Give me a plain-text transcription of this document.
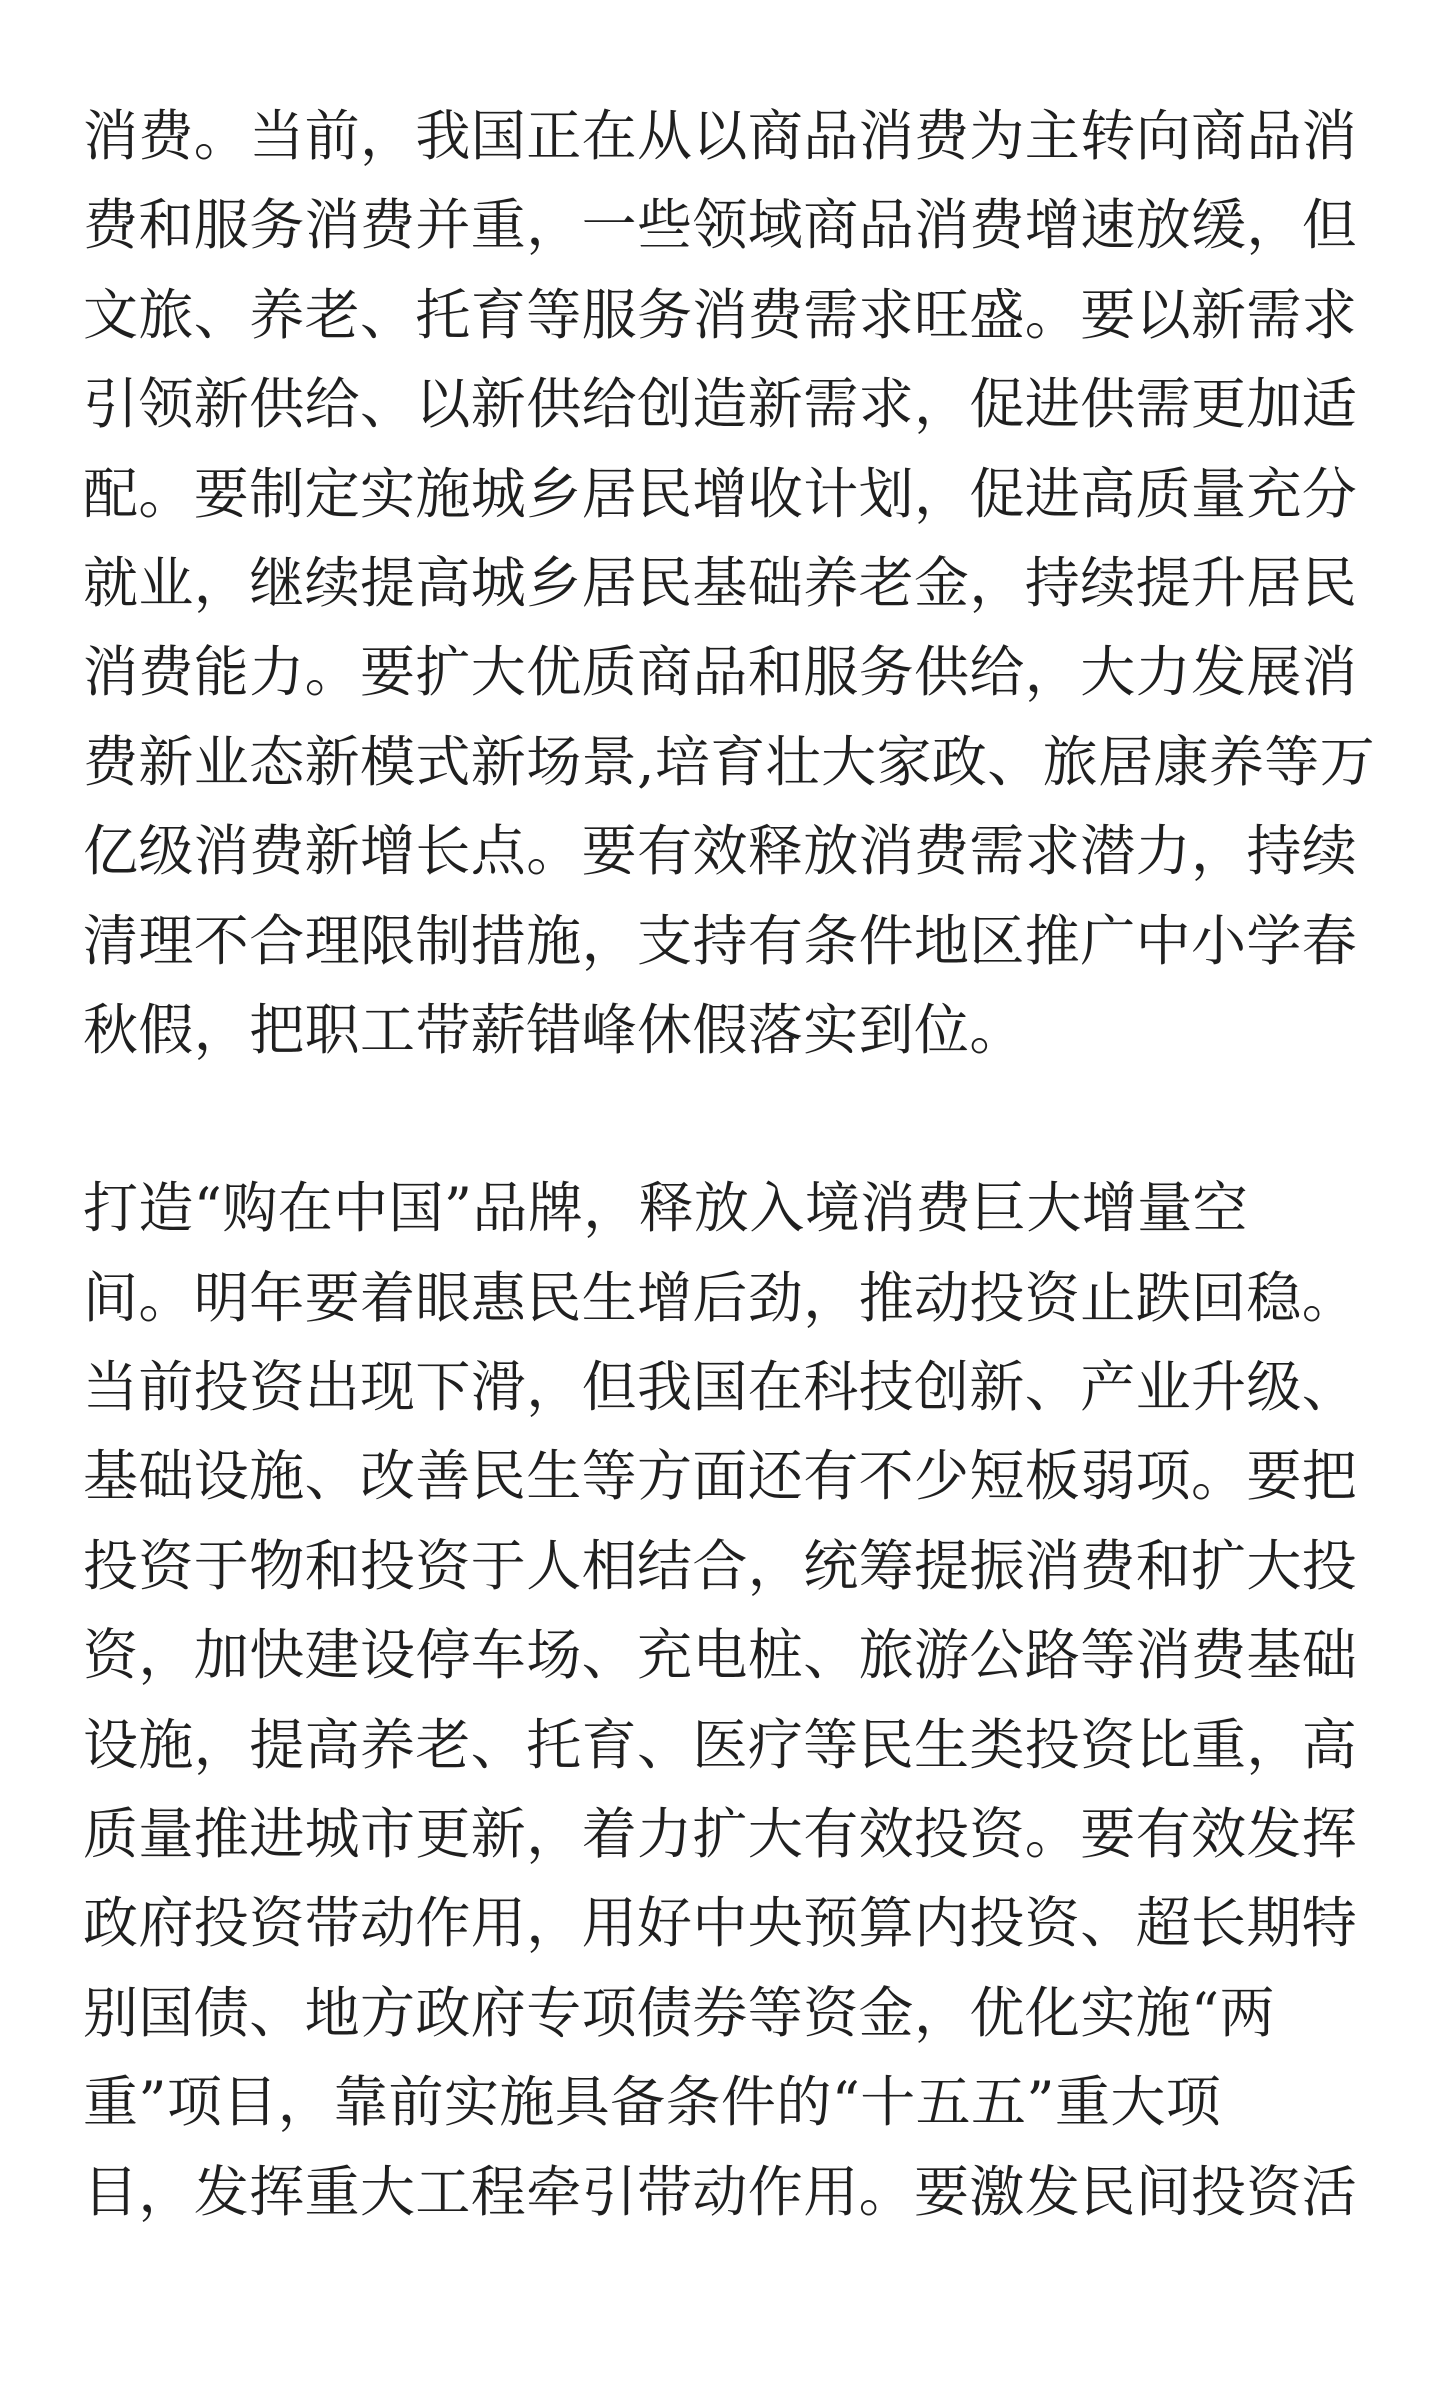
消费。当前，我国正在从以商品消费为主转向商品消
费和服务消费并重，一些领域商品消费增速放缓，但
文旅、养老、托育等服务消费需求旺盛。要以新需求
引领新供给、以新供给创造新需求，促进供需更加适
配。要制定实施城乡居民增收计划，促进高质量充分
就业，继续提高城乡居民基础养老金，持续提升居民
消费能力。要扩大优质商品和服务供给，大力发展消
费新业态新模式新场景,培育壮大家政、旅居康养等万
亿级消费新增长点。要有效释放消费需求潜力，持续
清理不合理限制措施，支持有条件地区推广中小学春
秋假，把职工带薪错峰休假落实到位。
打造“购在中国”品牌，释放入境消费巨大增量空
间。明年要着眼惠民生增后劲，推动投资止跌回稳。
当前投资出现下滑，但我国在科技创新、产业升级、
基础设施、改善民生等方面还有不少短板弱项。要把
投资于物和投资于人相结合，统筹提振消费和扩大投
资，加快建设停车场、充电桩、旅游公路等消费基础
设施，提高养老、托育、医疗等民生类投资比重，高
质量推进城市更新，着力扩大有效投资。要有效发挥
政府投资带动作用，用好中央预算内投资、超长期特
别国债、地方政府专项债券等资金，优化实施“两
重”项目，靠前实施具备条件的“十五五”重大项
目，发挥重大工程牵引带动作用。要激发民间投资活
